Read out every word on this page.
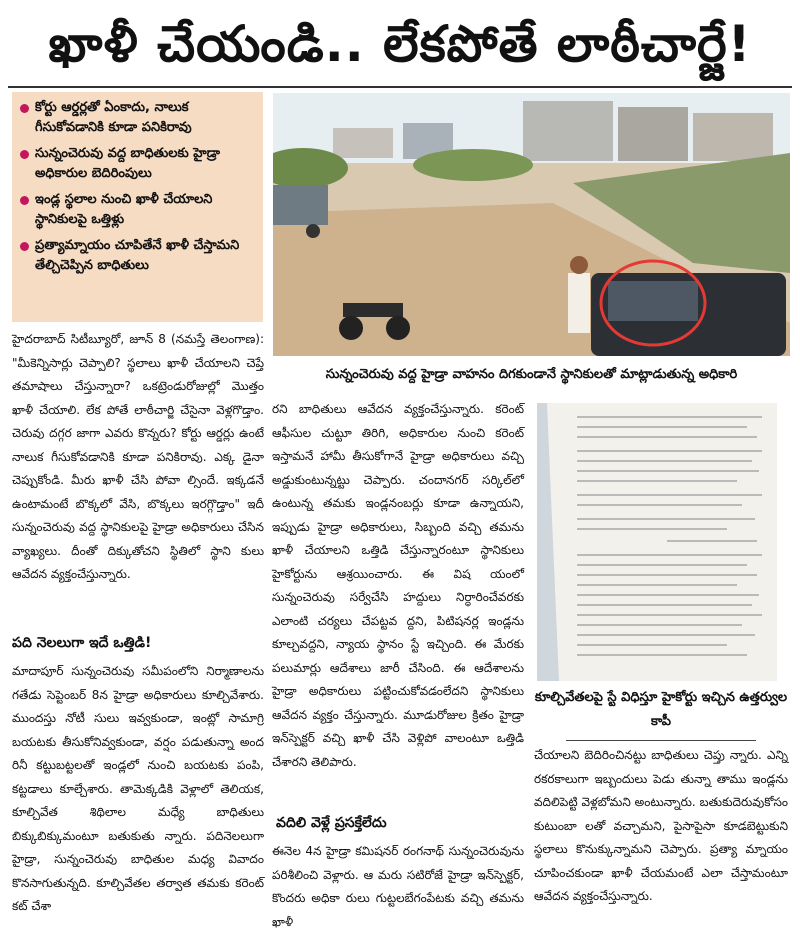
ఖాళీ చేయండి.. లేకపోతే లాఠీచార్జే!
కోర్టు ఆర్డర్లతో ఏంకాదు, నాలుక గీసుకోవడానికి కూడా పనికిరావు
సున్నంచెరువు వద్ద బాధితులకు హైడ్రా అధికారుల బెదిరింపులు
ఇండ్ల స్థలాల నుంచి ఖాళీ చేయాలని స్థానికులపై ఒత్తిళ్లు
ప్రత్యామ్నాయం చూపితేనే ఖాళీ చేస్తామని తేల్చిచెప్పిన బాధితులు
సున్నంచెరువు వద్ద హైడ్రా వాహనం దిగకుండానే స్థానికులతో మాట్లాడుతున్న అధికారి

హైదరాబాద్ సిటీబ్యూరో, జూన్ 8 (నమస్తే తెలంగాణ): "మీకెన్నిసార్లు చెప్పాలి? స్థలాలు ఖాళీ చేయాలని చెప్తే తమాషాలు చేస్తున్నారా? ఒకట్రెండురోజుల్లో మొత్తం ఖాళీ చేయాలి. లేక పోతే లాఠీచార్జి చేసైనా వెళ్లగొడ్తాం. చెరువు దగ్గర జాగా ఎవరు కొన్నరు? కోర్టు ఆర్డర్లు ఉంటే నాలుక గీసుకోవడానికి కూడా పనికిరావు. ఎక్క డైనా చెప్పుకోండి. మీరు ఖాళీ చేసి పోవా ల్సిందే. ఇక్కడనే ఉంటామంటే బొక్కలో వేసి, బొక్కలు ఇరగ్గొడ్తాం" ఇదీ సున్నంచెరువు వద్ద స్థానికులపై హైడ్రా అధికారులు చేసిన వ్యాఖ్యలు. దీంతో దిక్కుతోచని స్థితిలో స్థాని కులు ఆవేదన వ్యక్తంచేస్తున్నారు.

పది నెలలుగా ఇదే ఒత్తిడి!

మాదాపూర్ సున్నంచెరువు సమీపంలోని నిర్మాణాలను గతేడు సెప్టెంబర్ 8న హైడ్రా అధికారులు కూల్చివేశారు. ముందస్తు నోటీ సులు ఇవ్వకుండా, ఇంట్లో సామాగ్రి బయటకు తీసుకోనివ్వకుండా, వర్షం పడుతున్నా అంద రినీ కట్టుబట్టలతో ఇండ్లలో నుంచి బయటకు పంపి, కట్టడాలు కూల్చేశారు. తామెక్కడికి వెళ్లాలో తెలియక, కూల్చివేత శిథిలాల మధ్యే బాధితులు బిక్కుబిక్కుమంటూ బతుకుతు న్నారు. పదినెలలుగా హైడ్రా, సున్నంచెరువు బాధితుల మధ్య వివాదం కొనసాగుతున్నది. కూల్చివేతల తర్వాత తమకు కరెంట్ కట్ చేశా

రని బాధితులు ఆవేదన వ్యక్తంచేస్తున్నారు. కరెంట్ ఆఫీసుల చుట్టూ తిరిగి, అధికారుల నుంచి కరెంట్ ఇస్తామనే హామీ తీసుకోగానే హైడ్రా అధికారులు వచ్చి అడ్డుకుంటున్నట్టు చెప్పారు. చందానగర్ సర్కిల్‌లో ఉంటున్న తమకు ఇండ్లనంబర్లు కూడా ఉన్నాయని, ఇప్పుడు హైడ్రా అధికారులు, సిబ్బంది వచ్చి తమను ఖాళీ చేయాలని ఒత్తిడి చేస్తున్నారంటూ స్థానికులు హైకోర్టును ఆశ్రయించారు. ఈ విష యంలో సున్నంచెరువు సర్వేచేసి హద్దులు నిర్ధారించేవరకు ఎలాంటి చర్యలు చేపట్టవ ద్దని, పిటిషనర్ల ఇండ్లను కూల్చవద్దని, న్యాయ స్థానం స్టే ఇచ్చింది. ఈ మేరకు పలుమార్లు ఆదేశాలు జారీ చేసింది. ఈ ఆదేశాలను హైడ్రా అధికారులు పట్టించుకోవడంలేదని స్థానికులు ఆవేదన వ్యక్తం చేస్తున్నారు. మూడురోజుల క్రితం హైడ్రా ఇన్‌స్పెక్టర్ వచ్చి ఖాళీ చేసి వెళ్లిపో వాలంటూ ఒత్తిడి చేశారని తెలిపారు.

వదిలి వెళ్లే ప్రసక్తేలేదు

ఈనెల 4న హైడ్రా కమిషనర్ రంగనాథ్ సున్నంచెరువును పరిశీలించి వెళ్లారు. ఆ మరు సటిరోజే హైడ్రా ఇన్‌స్పెక్టర్, కొందరు అధికా రులు గుట్టలబేగంపేటకు వచ్చి తమను ఖాళీ

కూల్చివేతలపై స్టే విధిస్తూ హైకోర్టు ఇచ్చిన ఉత్తర్వుల కాపీ

చేయాలని బెదిరించినట్టు బాధితులు చెప్తు న్నారు. ఎన్ని రకరకాలుగా ఇబ్బందులు పెడు తున్నా తాము ఇండ్లను వదిలిపెట్టి వెళ్లబోమని అంటున్నారు. బతుకుదెరువుకోసం కుటుంబా లతో వచ్చామని, పైసాపైసా కూడబెట్టుకుని స్థలాలు కొనుక్కున్నామని చెప్పారు. ప్రత్యా మ్నాయం చూపించకుండా ఖాళీ చేయమంటే ఎలా చేస్తామంటూ ఆవేదన వ్యక్తంచేస్తున్నారు.
